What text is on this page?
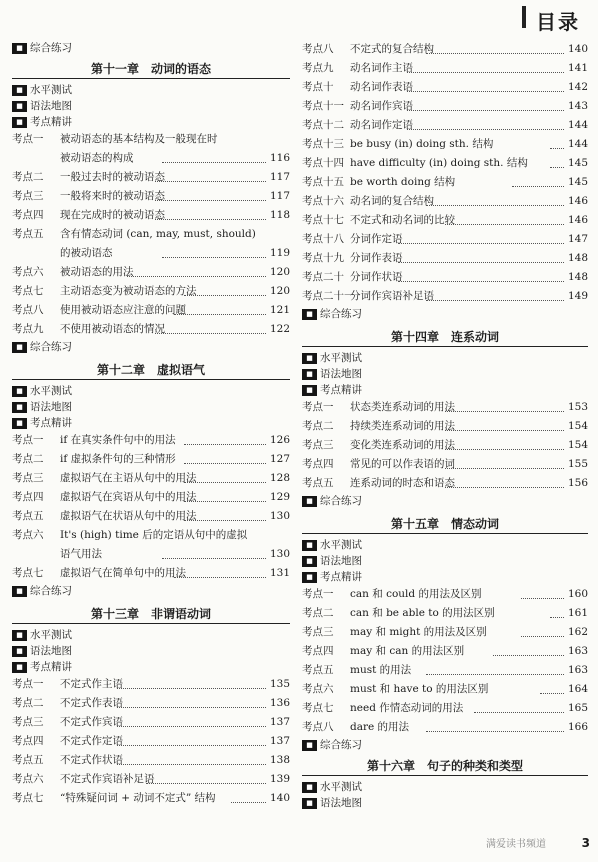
目录
■ 综合练习
第十一章　动词的语态
■ 水平测试
■ 语法地图
■ 考点精讲
考点一 被动语态的基本结构及一般现在时
被动语态的构成	116
考点二 一般过去时的被动语态	117
考点三 一般将来时的被动语态	117
考点四 现在完成时的被动语态	118
考点五 含有情态动词 (can, may, must, should)
的被动语态	119
考点六 被动语态的用法	120
考点七 主动语态变为被动语态的方法	120
考点八 使用被动语态应注意的问题	121
考点九 不使用被动语态的情况	122
■ 综合练习
第十二章　虚拟语气
■ 水平测试
■ 语法地图
■ 考点精讲
考点一 if 在真实条件句中的用法	126
考点二 if 虚拟条件句的三种情形	127
考点三 虚拟语气在主语从句中的用法	128
考点四 虚拟语气在宾语从句中的用法	129
考点五 虚拟语气在状语从句中的用法	130
考点六 It's (high) time 后的定语从句中的虚拟
语气用法	130
考点七 虚拟语气在简单句中的用法	131
■ 综合练习
第十三章　非谓语动词
■ 水平测试
■ 语法地图
■ 考点精讲
考点一 不定式作主语	135
考点二 不定式作表语	136
考点三 不定式作宾语	137
考点四 不定式作定语	137
考点五 不定式作状语	138
考点六 不定式作宾语补足语	139
考点七 “特殊疑问词 + 动词不定式” 结构	140
考点八 不定式的复合结构	140
考点九 动名词作主语	141
考点十 动名词作表语	142
考点十一 动名词作宾语	143
考点十二 动名词作定语	144
考点十三 be busy (in) doing sth. 结构	144
考点十四 have difficulty (in) doing sth. 结构	145
考点十五 be worth doing 结构	145
考点十六 动名词的复合结构	146
考点十七 不定式和动名词的比较	146
考点十八 分词作定语	147
考点十九 分词作表语	148
考点二十 分词作状语	148
考点二十一
分词作宾语补足语	149
■ 综合练习
第十四章　连系动词
■ 水平测试
■ 语法地图
■ 考点精讲
考点一 状态类连系动词的用法	153
考点二 持续类连系动词的用法	154
考点三 变化类连系动词的用法	154
考点四 常见的可以作表语的词	155
考点五 连系动词的时态和语态	156
■ 综合练习
第十五章　情态动词
■ 水平测试
■ 语法地图
■ 考点精讲
考点一 can 和 could 的用法及区别	160
考点二 can 和 be able to 的用法区别	161
考点三 may 和 might 的用法及区别	162
考点四 may 和 can 的用法区别	163
考点五 must 的用法	163
考点六 must 和 have to 的用法区别	164
考点七 need 作情态动词的用法	165
考点八 dare 的用法	166
■ 综合练习
第十六章　句子的种类和类型
■ 水平测试
■ 语法地图
满爱读书频道	3
